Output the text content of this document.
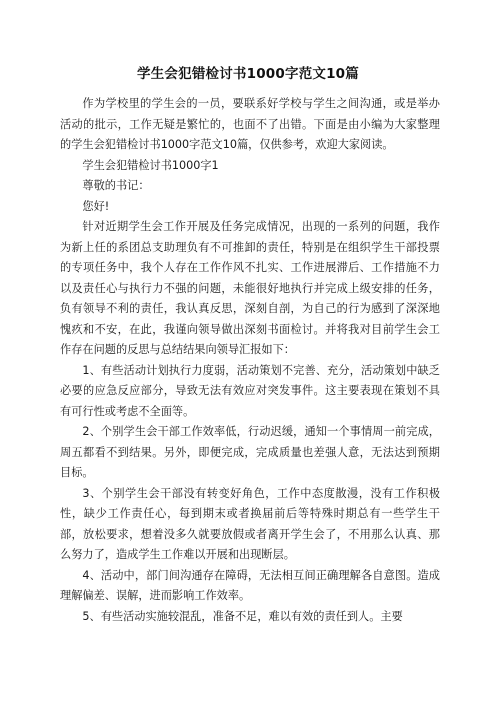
学生会犯错检讨书1000字范文10篇

作为学校里的学生会的一员，要联系好学校与学生之间沟通，或是举办活动的批示，工作无疑是繁忙的，也面不了出错。下面是由小编为大家整理的学生会犯错检讨书1000字范文10篇，仅供参考，欢迎大家阅读。

学生会犯错检讨书1000字1

尊敬的书记：

您好!

针对近期学生会工作开展及任务完成情况，出现的一系列的问题，我作为新上任的系团总支助理负有不可推卸的责任，特别是在组织学生干部投票的专项任务中，我个人存在工作作风不扎实、工作进展滞后、工作措施不力以及责任心与执行力不强的问题，未能很好地执行并完成上级安排的任务，负有领导不利的责任，我认真反思，深刻自剖，为自己的行为感到了深深地愧疚和不安，在此，我谨向领导做出深刻书面检讨。并将我对目前学生会工作存在问题的反思与总结结果向领导汇报如下：

1、有些活动计划执行力度弱，活动策划不完善、充分，活动策划中缺乏必要的应急反应部分，导致无法有效应对突发事件。这主要表现在策划不具有可行性或考虑不全面等。

2、个别学生会干部工作效率低，行动迟缓，通知一个事情周一前完成，周五都看不到结果。另外，即便完成，完成质量也差强人意，无法达到预期目标。

3、个别学生会干部没有转变好角色，工作中态度散漫，没有工作积极性，缺少工作责任心，每到期末或者换届前后等特殊时期总有一些学生干部，放松要求，想着没多久就要放假或者离开学生会了，不用那么认真、那么努力了，造成学生工作难以开展和出现断层。

4、活动中，部门间沟通存在障碍，无法相互间正确理解各自意图。造成理解偏差、误解，进而影响工作效率。

5、有些活动实施较混乱，准备不足，难以有效的责任到人。主要
